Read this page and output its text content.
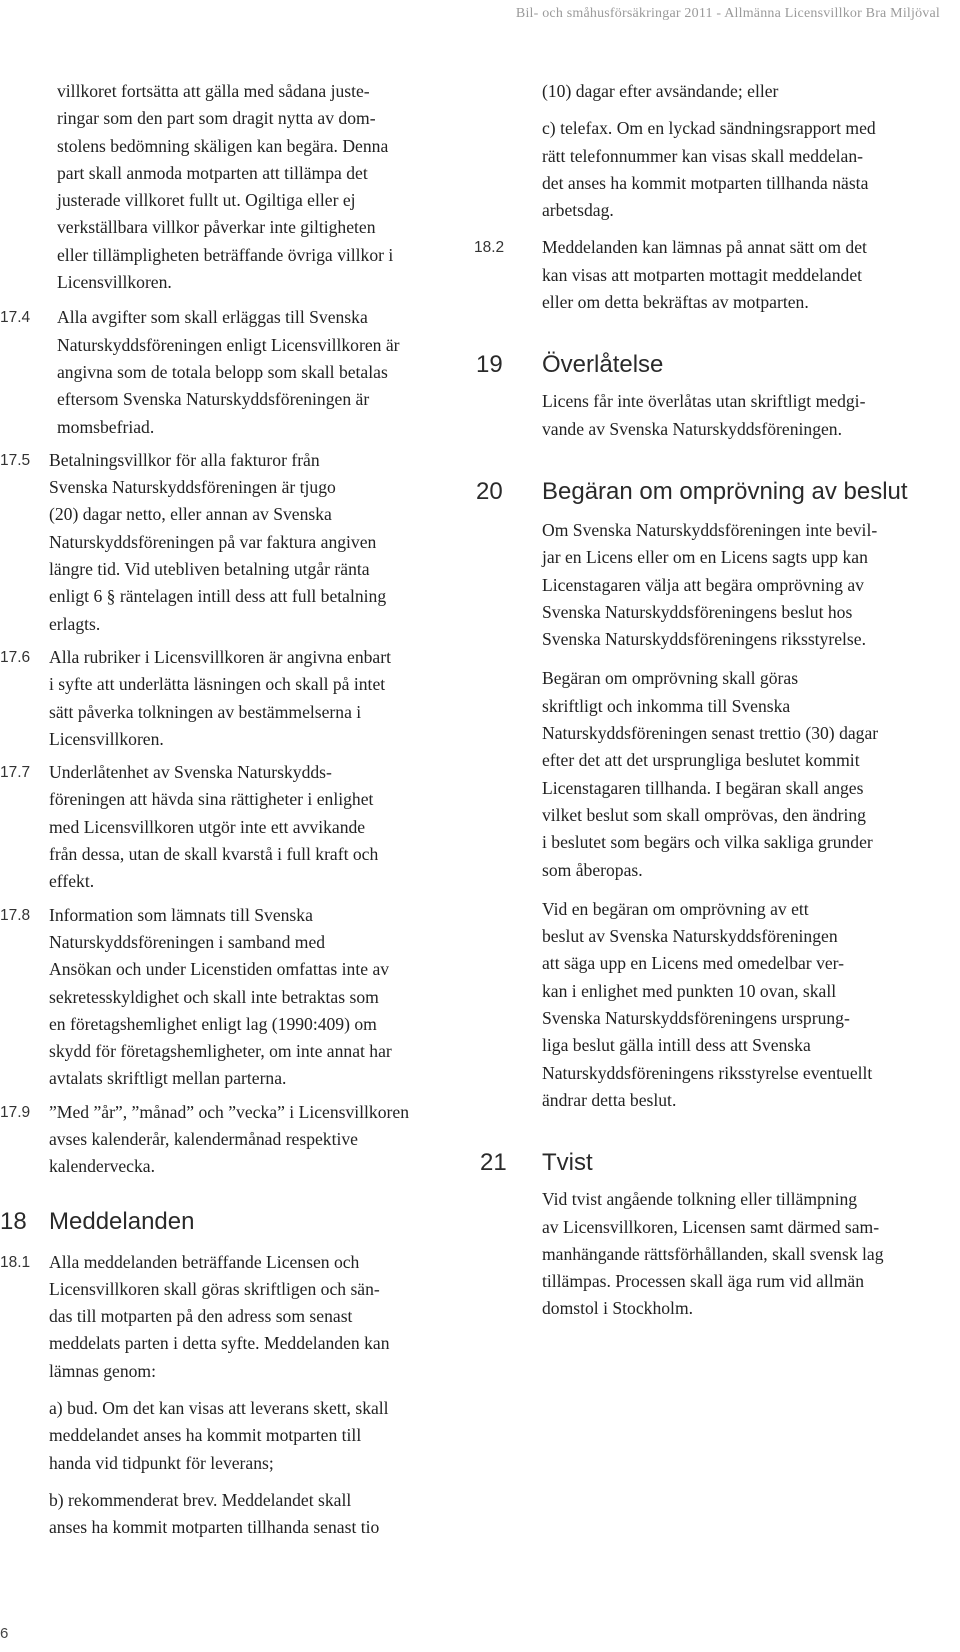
Bil- och småhusförsäkringar 2011 - Allmänna Licensvillkor Bra Miljöval
villkoret fortsätta att gälla med sådana juste-
ringar som den part som dragit nytta av dom-
stolens bedömning skäligen kan begära. Denna
part skall anmoda motparten att tillämpa det
justerade villkoret fullt ut. Ogiltiga eller ej
verkställbara villkor påverkar inte giltigheten
eller tillämpligheten beträffande övriga villkor i
Licensvillkoren.
17.4 Alla avgifter som skall erläggas till Svenska
Naturskyddsföreningen enligt Licensvillkoren är
angivna som de totala belopp som skall betalas
eftersom Svenska Naturskyddsföreningen är
momsbefriad.
17.5 Betalningsvillkor för alla fakturor från
Svenska Naturskyddsföreningen är tjugo
(20) dagar netto, eller annan av Svenska
Naturskyddsföreningen på var faktura angiven
längre tid. Vid utebliven betalning utgår ränta
enligt 6 § räntelagen intill dess att full betalning
erlagts.
17.6 Alla rubriker i Licensvillkoren är angivna enbart
i syfte att underlätta läsningen och skall på intet
sätt påverka tolkningen av bestämmelserna i
Licensvillkoren.
17.7 Underlåtenhet av Svenska Naturskydds-
föreningen att hävda sina rättigheter i enlighet
med Licensvillkoren utgör inte ett avvikande
från dessa, utan de skall kvarstå i full kraft och
effekt.
17.8 Information som lämnats till Svenska
Naturskyddsföreningen i samband med
Ansökan och under Licenstiden omfattas inte av
sekretesskyldighet och skall inte betraktas som
en företagshemlighet enligt lag (1990:409) om
skydd för företagshemligheter, om inte annat har
avtalats skriftligt mellan parterna.
17.9 ”Med ”år”, ”månad” och ”vecka” i Licensvillkoren
avses kalenderår, kalendermånad respektive
kalendervecka.
18 Meddelanden
18.1 Alla meddelanden beträffande Licensen och
Licensvillkoren skall göras skriftligen och sän-
das till motparten på den adress som senast
meddelats parten i detta syfte. Meddelanden kan
lämnas genom:
a) bud. Om det kan visas att leverans skett, skall
meddelandet anses ha kommit motparten till
handa vid tidpunkt för leverans;
b) rekommenderat brev. Meddelandet skall
anses ha kommit motparten tillhanda senast tio
(10) dagar efter avsändande; eller
c) telefax. Om en lyckad sändningsrapport med
rätt telefonnummer kan visas skall meddelan-
det anses ha kommit motparten tillhanda nästa
arbetsdag.
18.2 Meddelanden kan lämnas på annat sätt om det
kan visas att motparten mottagit meddelandet
eller om detta bekräftas av motparten.
19 Överlåtelse
Licens får inte överlåtas utan skriftligt medgi-
vande av Svenska Naturskyddsföreningen.
20 Begäran om omprövning av beslut
Om Svenska Naturskyddsföreningen inte bevil-
jar en Licens eller om en Licens sagts upp kan
Licenstagaren välja att begära omprövning av
Svenska Naturskyddsföreningens beslut hos
Svenska Naturskyddsföreningens riksstyrelse.
Begäran om omprövning skall göras
skriftligt och inkomma till Svenska
Naturskyddsföreningen senast trettio (30) dagar
efter det att det ursprungliga beslutet kommit
Licenstagaren tillhanda. I begäran skall anges
vilket beslut som skall omprövas, den ändring
i beslutet som begärs och vilka sakliga grunder
som åberopas.
Vid en begäran om omprövning av ett
beslut av Svenska Naturskyddsföreningen
att säga upp en Licens med omedelbar ver-
kan i enlighet med punkten 10 ovan, skall
Svenska Naturskyddsföreningens ursprung-
liga beslut gälla intill dess att Svenska
Naturskyddsföreningens riksstyrelse eventuellt
ändrar detta beslut.
21 Tvist
Vid tvist angående tolkning eller tillämpning
av Licensvillkoren, Licensen samt därmed sam-
manhängande rättsförhållanden, skall svensk lag
tillämpas. Processen skall äga rum vid allmän
domstol i Stockholm.
6
